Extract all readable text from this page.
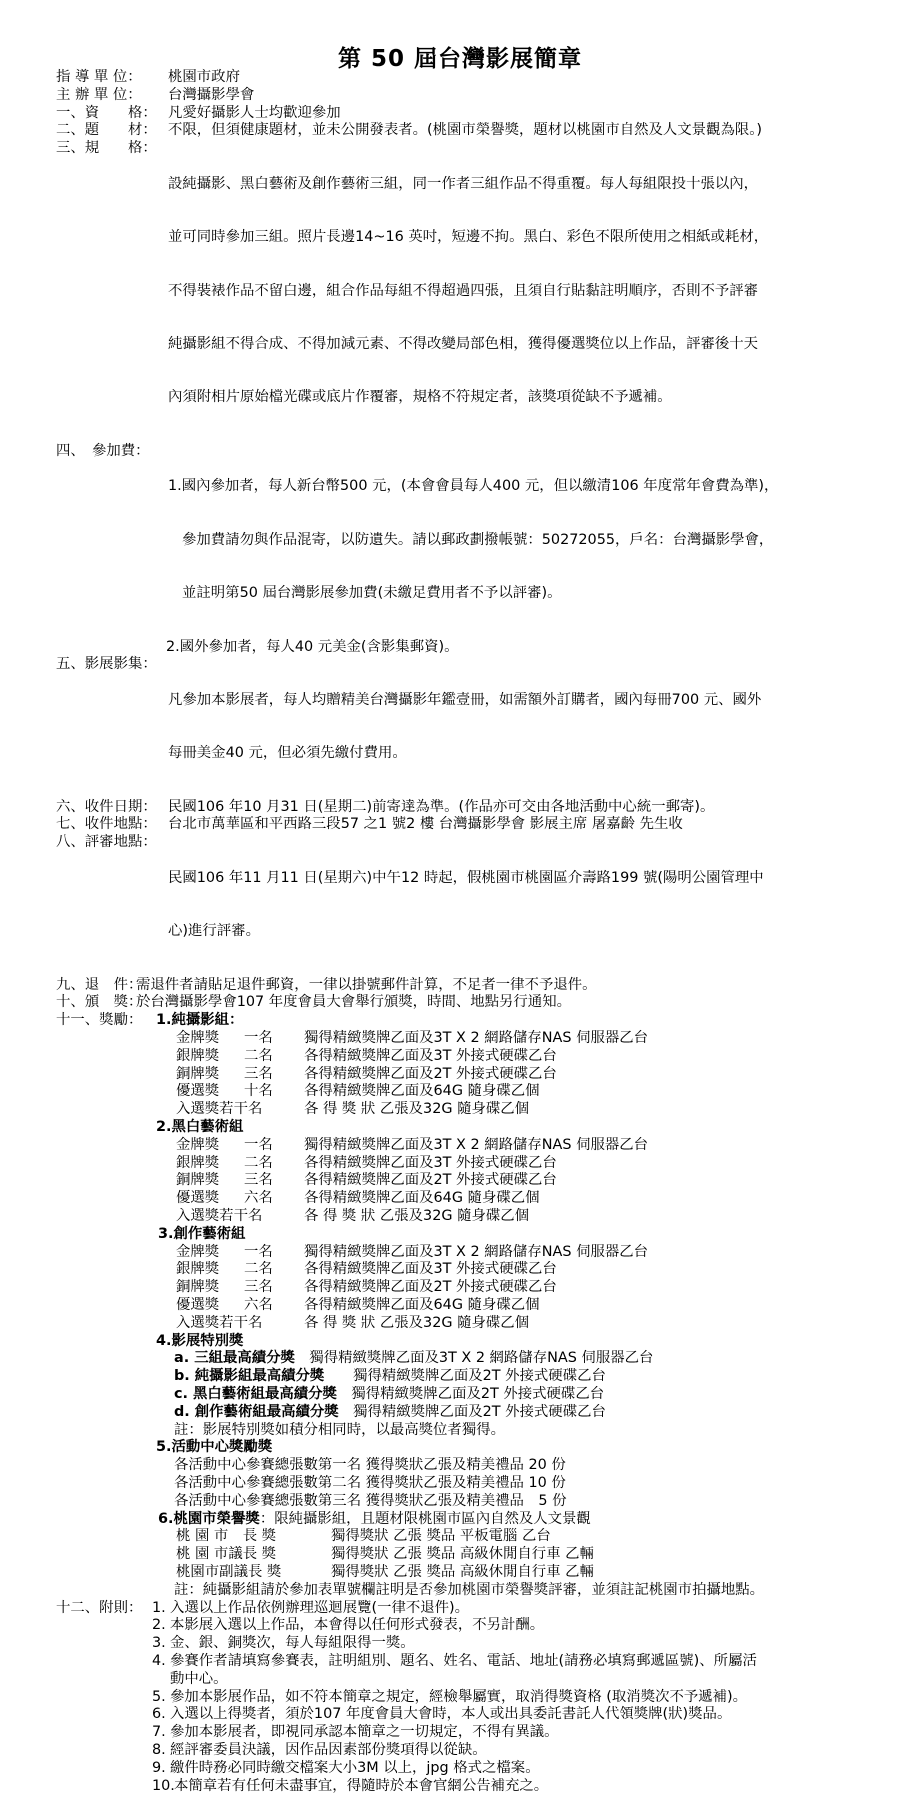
第 50 屆台灣影展簡章
指 導 單 位：	桃園市政府
主 辦 單 位：	台灣攝影學會
一、資　　格： 凡愛好攝影人士均歡迎參加
二、題　　材： 不限，但須健康題材，並未公開發表者。(桃園市榮譽獎，題材以桃園市自然及人文景觀為限。)
三、規　　格：

設純攝影、黑白藝術及創作藝術三組，同一作者三組作品不得重覆。每人每組限投十張以內，

並可同時參加三組。照片長邊14~16 英吋，短邊不拘。黑白、彩色不限所使用之相紙或耗材，

不得裝裱作品不留白邊，組合作品每組不得超過四張，且須自行貼黏註明順序，否則不予評審

純攝影組不得合成、不得加減元素、不得改變局部色相，獲得優選獎位以上作品，評審後十天

內須附相片原始檔光碟或底片作覆審，規格不符規定者，該獎項從缺不予遞補。

四、　參加費：

1.國內參加者，每人新台幣500 元，(本會會員每人400 元，但以繳清106 年度常年會費為準)，

參加費請勿與作品混寄，以防遺失。請以郵政劃撥帳號：50272055，戶名：台灣攝影學會，

並註明第50 屆台灣影展參加費(未繳足費用者不予以評審)。

2.國外參加者，每人40 元美金(含影集郵資)。
五、影展影集：

凡參加本影展者，每人均贈精美台灣攝影年鑑壹冊，如需額外訂購者，國內每冊700 元、國外

每冊美金40 元，但必須先繳付費用。

六、收件日期： 民國106 年10 月31 日(星期二)前寄達為準。(作品亦可交由各地活動中心統一郵寄)。
七、收件地點： 台北市萬華區和平西路三段57 之1 號2 樓 台灣攝影學會 影展主席 屠嘉齡 先生收
八、評審地點：

民國106 年11 月11 日(星期六)中午12 時起，假桃園市桃園區介壽路199 號(陽明公園管理中

心)進行評審。

九、退　件：
需退件者請貼足退件郵資，一律以掛號郵件計算，不足者一律不予退件。
十、頒　獎：
於台灣攝影學會107 年度會員大會舉行頒獎，時間、地點另行通知。
十一、獎勵： 1.純攝影組：
金牌獎	一名	獨得精緻獎牌乙面及3T X 2 網路儲存NAS 伺服器乙台
銀牌獎	二名	各得精緻獎牌乙面及3T 外接式硬碟乙台
銅牌獎	三名	各得精緻獎牌乙面及2T 外接式硬碟乙台
優選獎	十名	各得精緻獎牌乙面及64G 隨身碟乙個
入選獎若干名		各 得 獎 狀 乙張及32G 隨身碟乙個
2.黑白藝術組
金牌獎	一名	獨得精緻獎牌乙面及3T X 2 網路儲存NAS 伺服器乙台
銀牌獎	二名	各得精緻獎牌乙面及3T 外接式硬碟乙台
銅牌獎	三名	各得精緻獎牌乙面及2T 外接式硬碟乙台
優選獎	六名	各得精緻獎牌乙面及64G 隨身碟乙個
入選獎若干名		各 得 獎 狀 乙張及32G 隨身碟乙個
3.創作藝術組
金牌獎	一名	獨得精緻獎牌乙面及3T X 2 網路儲存NAS 伺服器乙台
銀牌獎	二名	各得精緻獎牌乙面及3T 外接式硬碟乙台
銅牌獎	三名	各得精緻獎牌乙面及2T 外接式硬碟乙台
優選獎	六名	各得精緻獎牌乙面及64G 隨身碟乙個
入選獎若干名		各 得 獎 狀 乙張及32G 隨身碟乙個
4.影展特別獎
a. 三組最高績分獎　 獨得精緻獎牌乙面及3T X 2 網路儲存NAS 伺服器乙台
b. 純攝影組最高績分獎　　 獨得精緻獎牌乙面及2T 外接式硬碟乙台
c. 黑白藝術組最高績分獎　 獨得精緻獎牌乙面及2T 外接式硬碟乙台
d. 創作藝術組最高績分獎　 獨得精緻獎牌乙面及2T 外接式硬碟乙台
註：影展特別獎如積分相同時，以最高獎位者獨得。
5.活動中心獎勵獎
各活動中心參賽總張數第一名 獲得獎狀乙張及精美禮品 20 份
各活動中心參賽總張數第二名 獲得獎狀乙張及精美禮品 10 份
各活動中心參賽總張數第三名 獲得獎狀乙張及精美禮品　5 份
6.桃園市榮譽獎：限純攝影組，且題材限桃園市區內自然及人文景觀
桃 園 市　長 獎	獨得獎狀 乙張 獎品 平板電腦 乙台
桃 園 市議長 獎	獨得獎狀 乙張 獎品 高級休閒自行車 乙輛
桃園市副議長 獎	獨得獎狀 乙張 獎品 高級休閒自行車 乙輛
註：純攝影組請於參加表單號欄註明是否參加桃園市榮譽獎評審，並須註記桃園市拍攝地點。
十二、附則： 1. 入選以上作品依例辦理巡迴展覽(一律不退件)。
2. 本影展入選以上作品，本會得以任何形式發表，不另計酬。
3. 金、銀、銅獎次，每人每組限得一獎。
4. 參賽作者請填寫參賽表，註明組別、題名、姓名、電話、地址(請務必填寫郵遞區號)、所屬活
動中心。
5. 參加本影展作品，如不符本簡章之規定，經檢舉屬實，取消得獎資格 (取消獎次不予遞補)。
6. 入選以上得獎者，須於107 年度會員大會時，本人或出具委託書託人代領獎牌(狀)獎品。
7. 參加本影展者，即視同承認本簡章之一切規定，不得有異議。
8. 經評審委員決議，因作品因素部份獎項得以從缺。
9. 繳件時務必同時繳交檔案大小3M 以上，jpg 格式之檔案。
10. 本簡章若有任何未盡事宜，得隨時於本會官網公告補充之。
